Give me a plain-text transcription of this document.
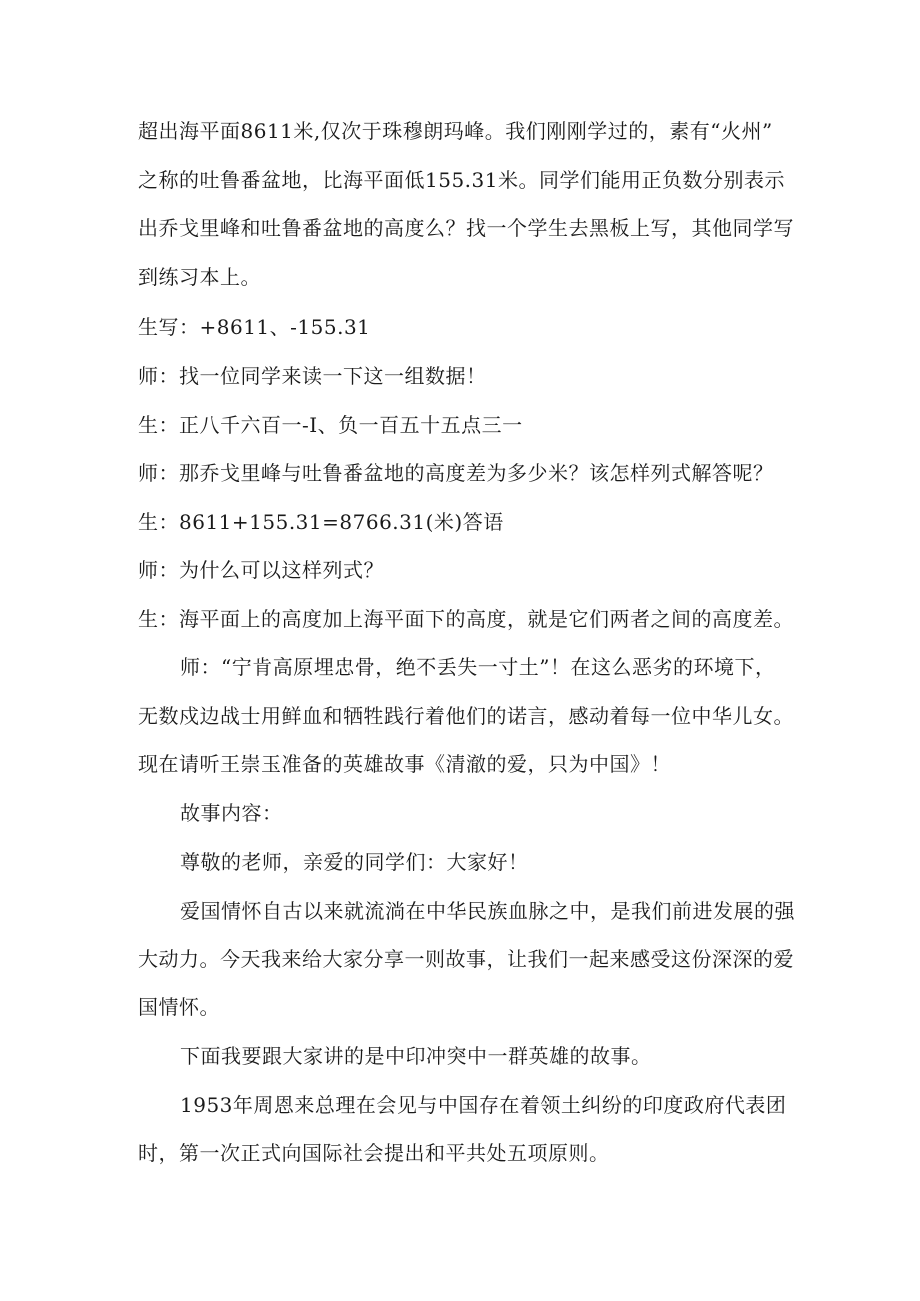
超出海平面8611米,仅次于珠穆朗玛峰。我们刚刚学过的，素有“火州”
之称的吐鲁番盆地，比海平面低155.31米。同学们能用正负数分别表示
出乔戈里峰和吐鲁番盆地的高度么？找一个学生去黑板上写，其他同学写
到练习本上。
生写：+8611、-155.31
师：找一位同学来读一下这一组数据！
生：正八千六百一-I、负一百五十五点三一
师：那乔戈里峰与吐鲁番盆地的高度差为多少米？该怎样列式解答呢？
生：8611+155.31=8766.31(米)答语
师：为什么可以这样列式？
生：海平面上的高度加上海平面下的高度，就是它们两者之间的高度差。
师：“宁肯高原埋忠骨，绝不丢失一寸土”！在这么恶劣的环境下，
无数戍边战士用鲜血和牺牲践行着他们的诺言，感动着每一位中华儿女。
现在请听王崇玉准备的英雄故事《清澈的爱，只为中国》！
故事内容：
尊敬的老师，亲爱的同学们：大家好！
爱国情怀自古以来就流淌在中华民族血脉之中，是我们前进发展的强
大动力。今天我来给大家分享一则故事，让我们一起来感受这份深深的爱
国情怀。
下面我要跟大家讲的是中印冲突中一群英雄的故事。
1953年周恩来总理在会见与中国存在着领土纠纷的印度政府代表团
时，第一次正式向国际社会提出和平共处五项原则。
